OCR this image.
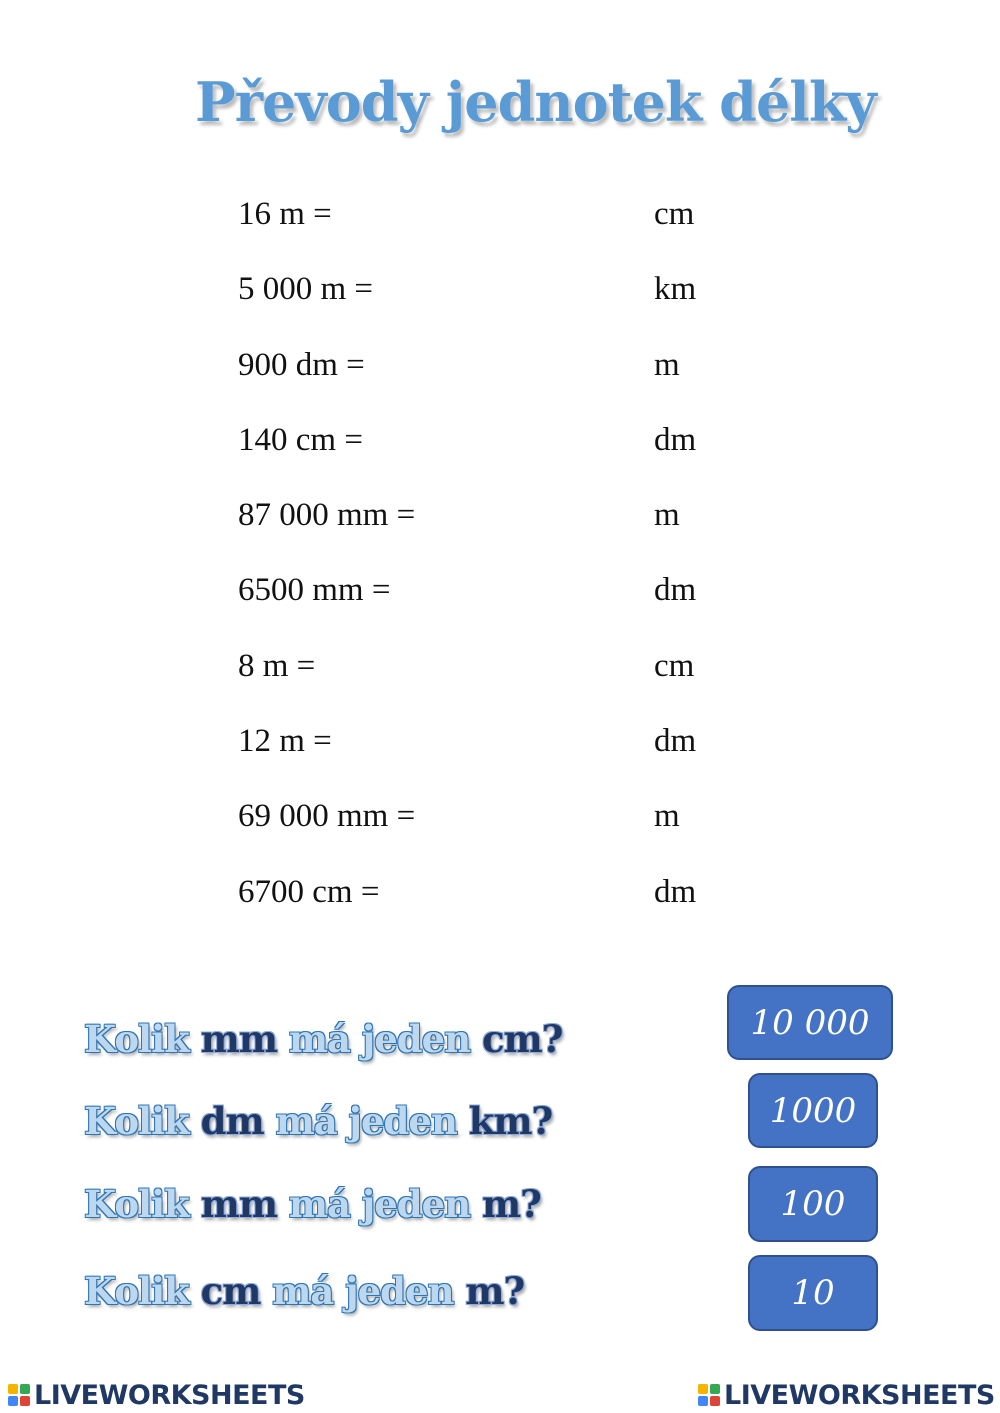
Převody jednotek délky
16 m =	cm
5 000 m =	km
900 dm =	m
140 cm =	dm
87 000 mm =	m
6500 mm =	dm
8 m =	cm
12 m =	dm
69 000 mm =	m
6700 cm =	dm
Kolik mm má jeden cm?
Kolik dm má jeden km?
Kolik mm má jeden m?
Kolik cm má jeden m?
10 000
1000
100
10
LIVEWORKSHEETS	LIVEWORKSHEETS
